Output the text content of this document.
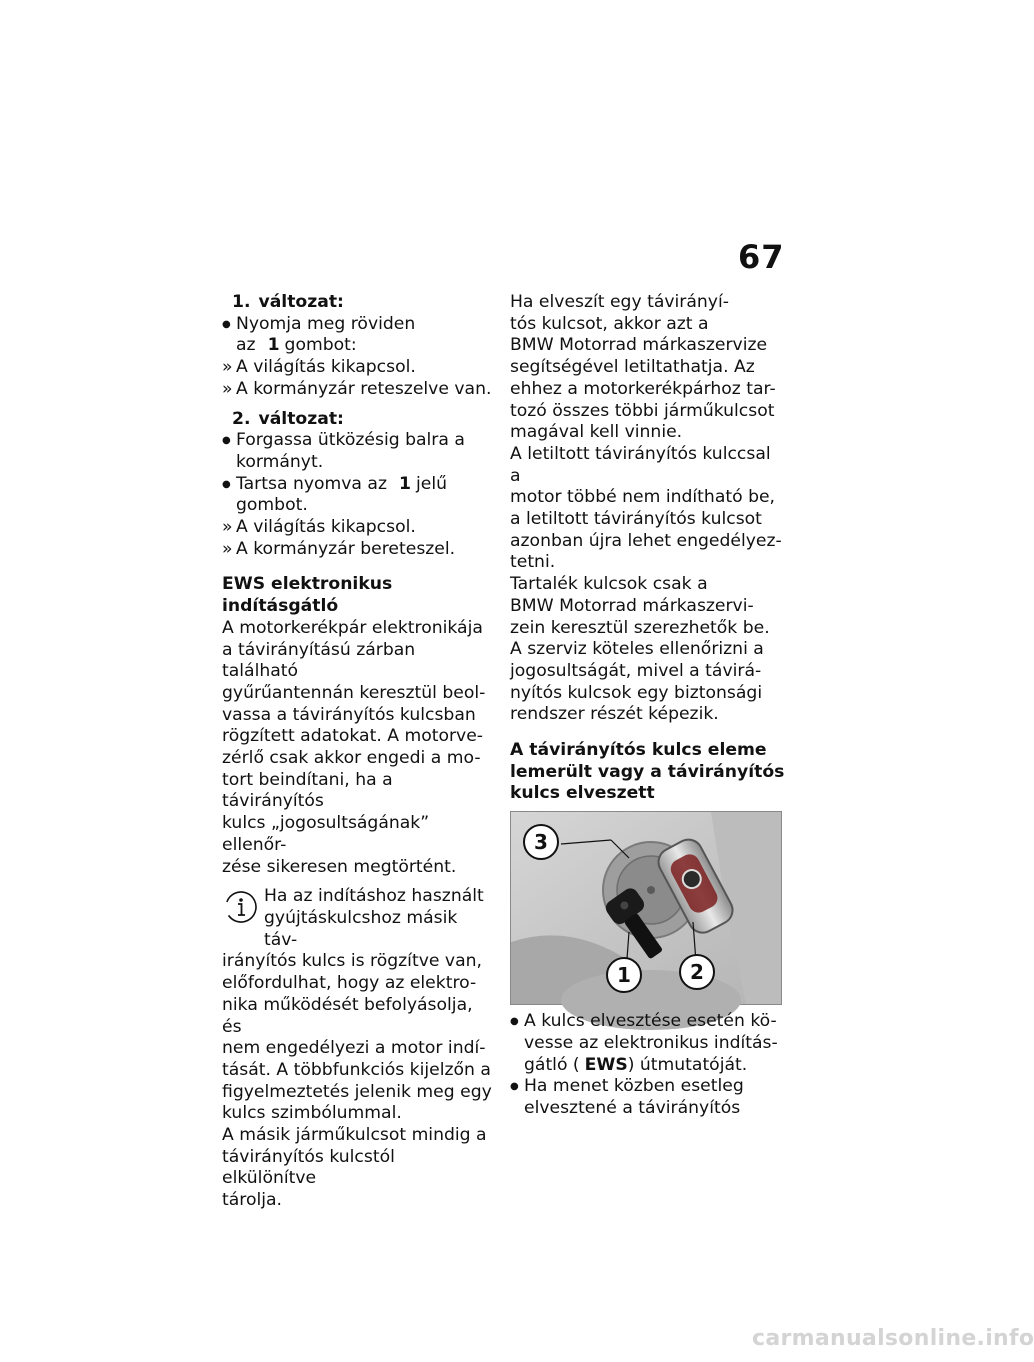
67

1. változat:

●
Nyomja meg röviden
az 1 gombot:
»
A világítás kikapcsol.
»
A kormányzár reteszelve van.

2. változat:

●
Forgassa ütközésig balra a
kormányt.
●
Tartsa nyomva az 1 jelű
gombot.
»
A világítás kikapcsol.
»
A kormányzár bereteszel.

EWS elektronikus indításgátló

A motorkerékpár elektronikája
a távirányítású zárban található
gyűrűantennán keresztül beol-
vassa a távirányítós kulcsban
rögzített adatokat. A motorve-
zérlő csak akkor engedi a mo-
tort beindítani, ha a távirányítós
kulcs „jogosultságának” ellenőr-
zése sikeresen megtörtént.
Ha az indításhoz használt
gyújtáskulcshoz másik táv-
irányítós kulcs is rögzítve van,
előfordulhat, hogy az elektro-
nika működését befolyásolja, és
nem engedélyezi a motor indí-
tását. A többfunkciós kijelzőn a
figyelmeztetés jelenik meg egy
kulcs szimbólummal.
A másik járműkulcsot mindig a
távirányítós kulcstól elkülönítve
tárolja.
Ha elveszít egy távirányí-
tós kulcsot, akkor azt a
BMW Motorrad márkaszervize
segítségével letiltathatja. Az
ehhez a motorkerékpárhoz tar-
tozó összes többi járműkulcsot
magával kell vinnie.
A letiltott távirányítós kulccsal a
motor többé nem indítható be,
a letiltott távirányítós kulcsot
azonban újra lehet engedélyez-
tetni.
Tartalék kulcsok csak a
BMW Motorrad márkaszervi-
zein keresztül szerezhetők be.
A szerviz köteles ellenőrizni a
jogosultságát, mivel a távirá-
nyítós kulcsok egy biztonsági
rendszer részét képezik.
A távirányítós kulcs eleme
lemerült vagy a távirányítós
kulcs elveszett
3
1	2
●
A kulcs elvesztése esetén kö-
vesse az elektronikus indítás-
gátló ( EWS) útmutatóját.
●
Ha menet közben esetleg
elvesztené a távirányítós
carmanualsonline.info
